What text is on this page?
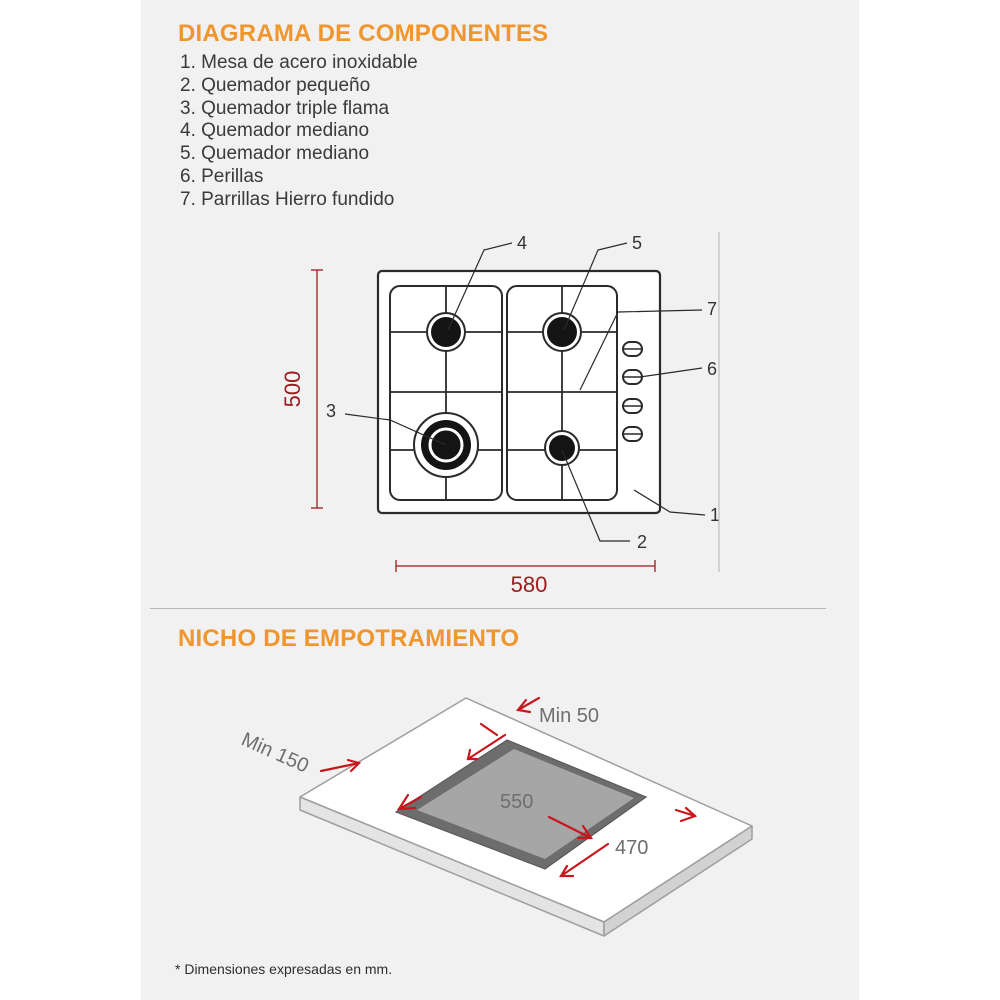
DIAGRAMA DE COMPONENTES
1. Mesa de acero inoxidable
2. Quemador pequeño
3. Quemador triple flama
4. Quemador mediano
5. Quemador mediano
6. Perillas
7. Parrillas Hierro fundido
4	5
7
6
1
2
3
500
580
Min 50
Min 150
550
470
NICHO DE EMPOTRAMIENTO
* Dimensiones expresadas en mm.
